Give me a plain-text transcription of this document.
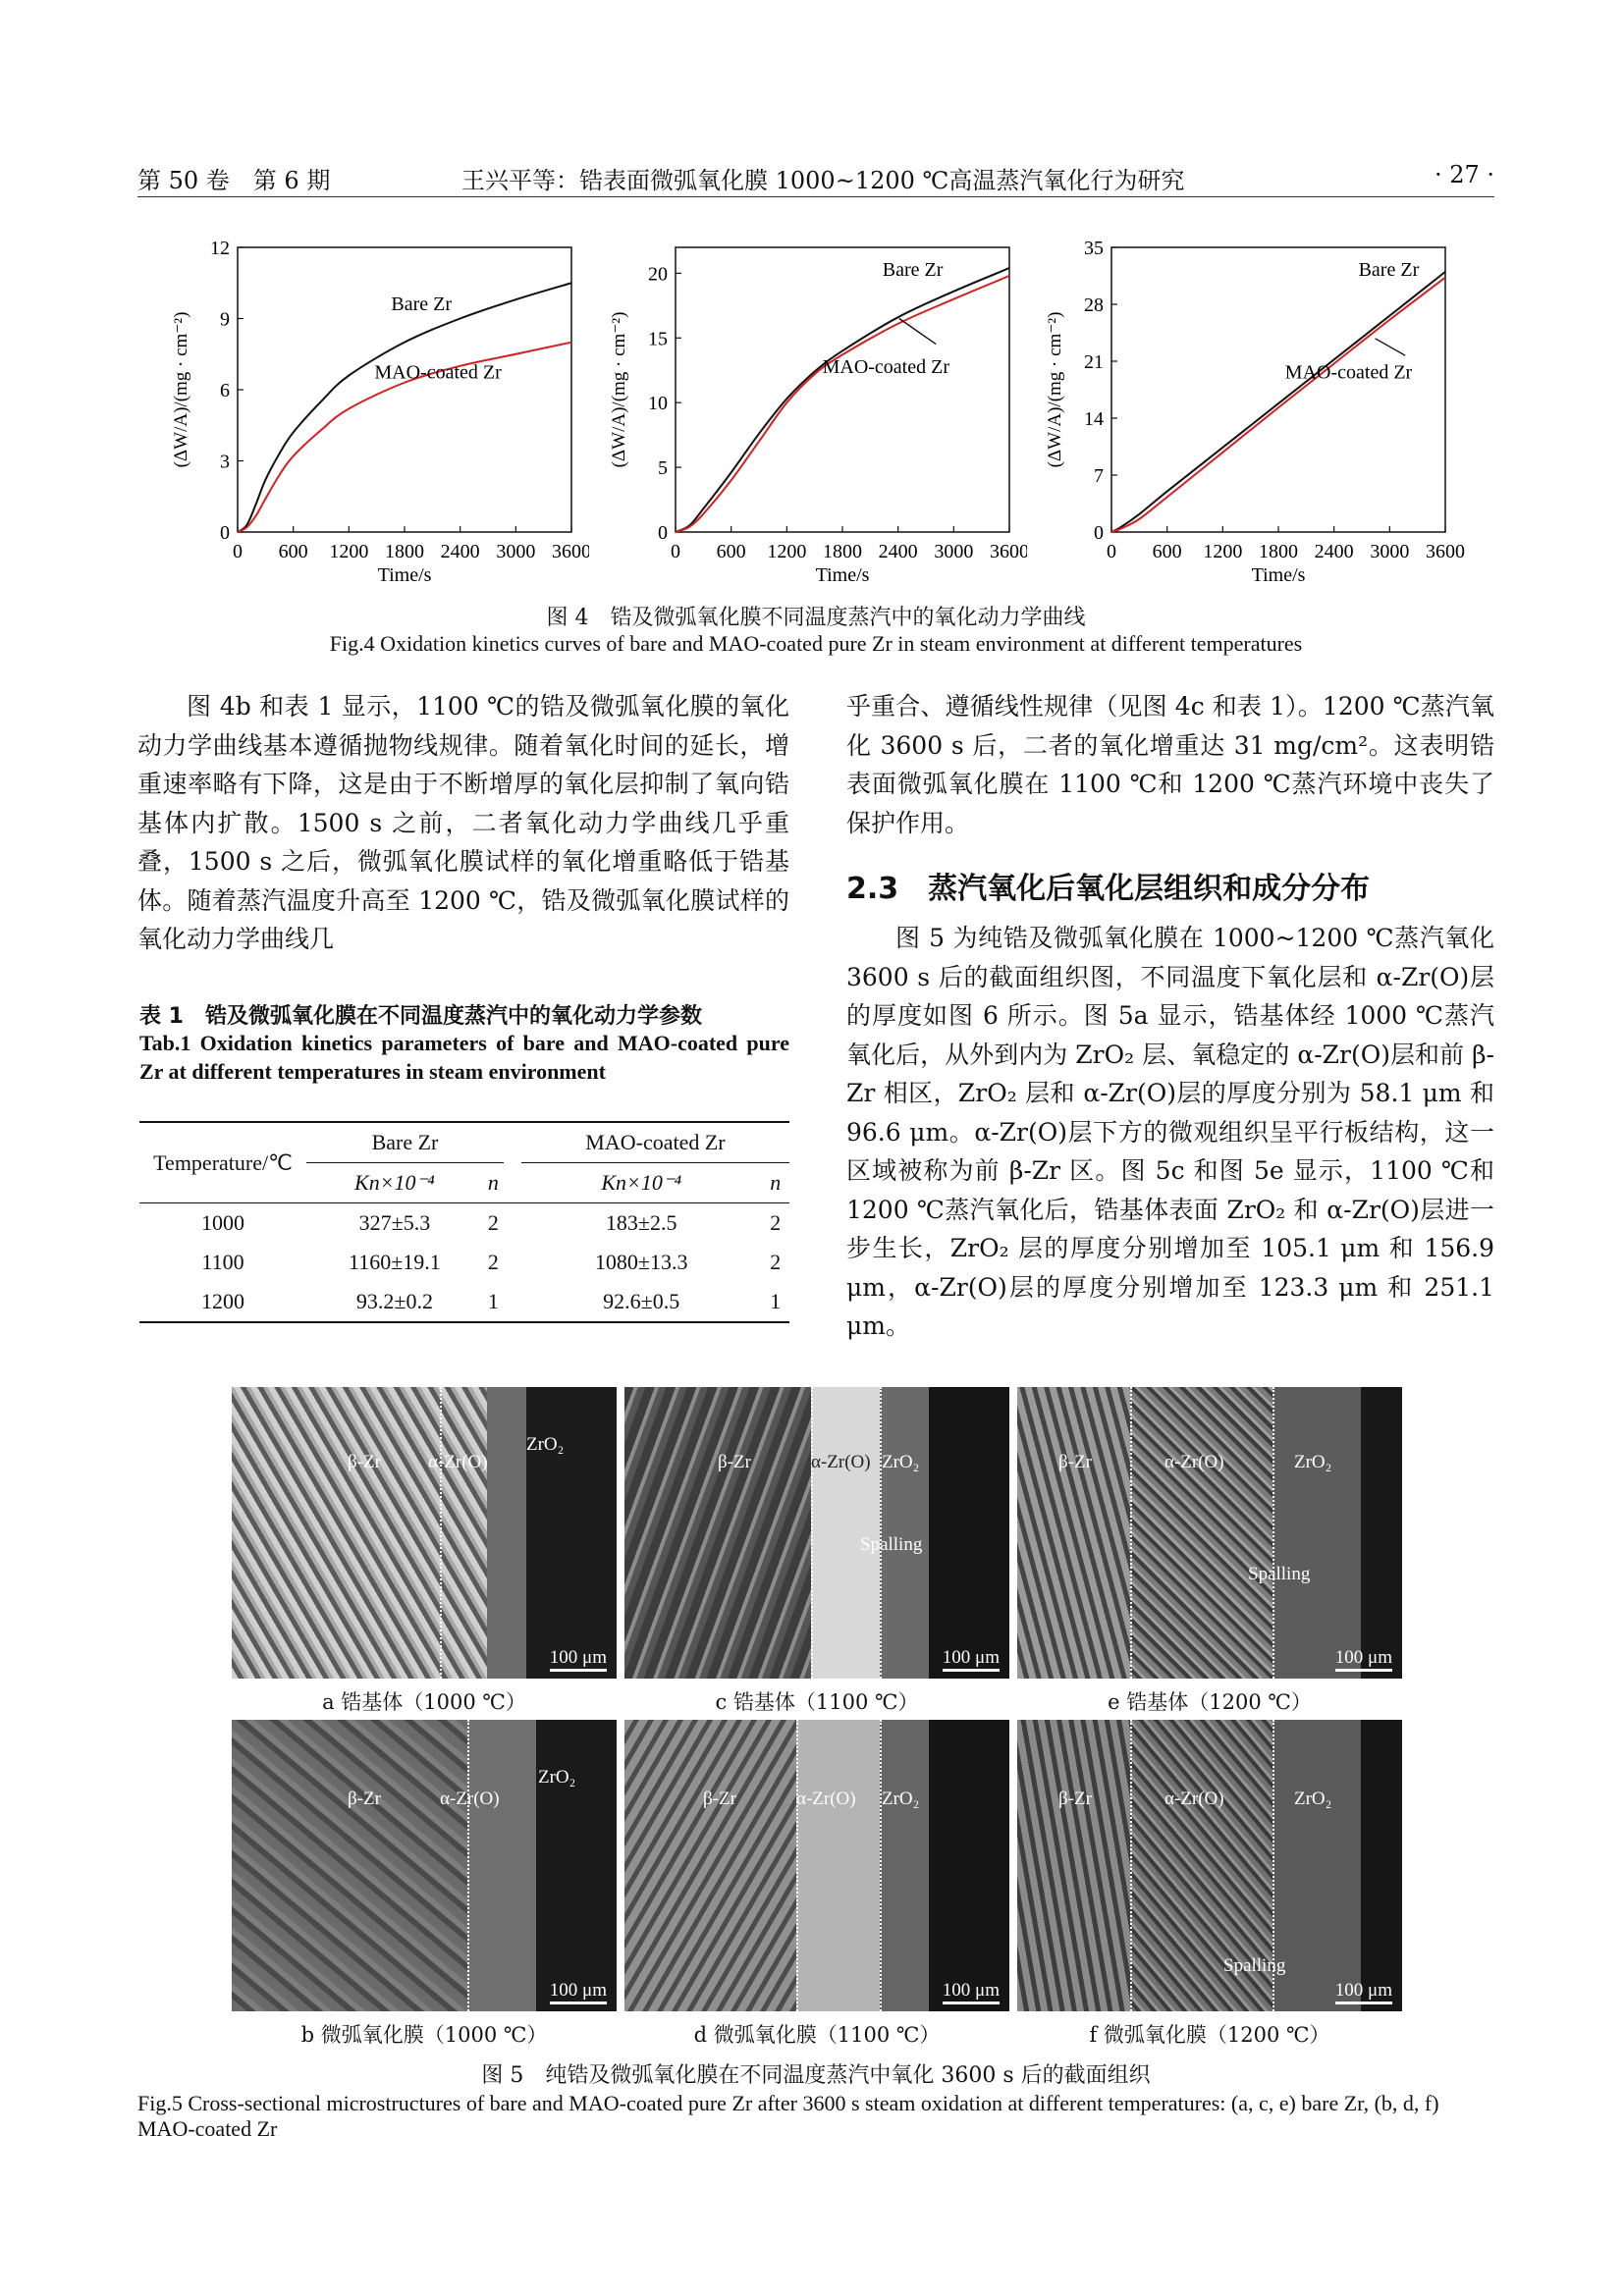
第 50 卷　第 6 期	王兴平等：锆表面微弧氧化膜 1000~1200 ℃高温蒸汽氧化行为研究	· 27 ·
0 600 1200 1800 2400 3000 3600
0
3
6
9
12
Time/s
(ΔW/A)/(mg · cm⁻²)
Bare Zr
MAO-coated Zr
0 600 1200 1800 2400 3000 3600
0
5
10
15
20
Time/s
(ΔW/A)/(mg · cm⁻²)
Bare Zr
MAO-coated Zr
0 600 1200 1800 2400 3000 3600
0
7
14
21
28
35
Time/s
(ΔW/A)/(mg · cm⁻²)
Bare Zr
MAO-coated Zr
图 4　锆及微弧氧化膜不同温度蒸汽中的氧化动力学曲线
Fig.4 Oxidation kinetics curves of bare and MAO-coated pure Zr in steam environment at different temperatures

图 4b 和表 1 显示，1100 ℃的锆及微弧氧化膜的氧化动力学曲线基本遵循抛物线规律。随着氧化时间的延长，增重速率略有下降，这是由于不断增厚的氧化层抑制了氧向锆基体内扩散。1500 s 之前，二者氧化动力学曲线几乎重叠，1500 s 之后，微弧氧化膜试样的氧化增重略低于锆基体。随着蒸汽温度升高至 1200 ℃，锆及微弧氧化膜试样的氧化动力学曲线几

乎重合、遵循线性规律（见图 4c 和表 1）。1200 ℃蒸汽氧化 3600 s 后，二者的氧化增重达 31 mg/cm²。这表明锆表面微弧氧化膜在 1100 ℃和 1200 ℃蒸汽环境中丧失了保护作用。

2.3　蒸汽氧化后氧化层组织和成分分布

图 5 为纯锆及微弧氧化膜在 1000~1200 ℃蒸汽氧化 3600 s 后的截面组织图，不同温度下氧化层和 α-Zr(O)层的厚度如图 6 所示。图 5a 显示，锆基体经 1000 ℃蒸汽氧化后，从外到内为 ZrO₂ 层、氧稳定的 α-Zr(O)层和前 β-Zr 相区，ZrO₂ 层和 α-Zr(O)层的厚度分别为 58.1 μm 和 96.6 μm。α-Zr(O)层下方的微观组织呈平行板结构，这一区域被称为前 β-Zr 区。图 5c 和图 5e 显示，1100 ℃和 1200 ℃蒸汽氧化后，锆基体表面 ZrO₂ 和 α-Zr(O)层进一步生长，ZrO₂ 层的厚度分别增加至 105.1 μm 和 156.9 μm，α-Zr(O)层的厚度分别增加至 123.3 μm 和 251.1 μm。

表 1　锆及微弧氧化膜在不同温度蒸汽中的氧化动力学参数
Tab.1 Oxidation kinetics parameters of bare and MAO-coated pure Zr at different temperatures in steam environment
Temperature/℃	Bare Zr			MAO-coated Zr	
	Kn×10⁻⁴	n		Kn×10⁻⁴	n
1000	327±5.3	2		183±2.5	2
1100	1160±19.1	2		1080±13.3	2
1200	93.2±0.2	1		92.6±0.5	1
β-Zr	α-Zr(O)
ZrO₂
100 μm
β-Zr	α-Zr(O) ZrO₂
Spalling
100 μm
β-Zr	α-Zr(O)	ZrO₂
Spalling
100 μm
a 锆基体（1000 ℃）	c 锆基体（1100 ℃）	e 锆基体（1200 ℃）
β-Zr	α-Zr(O)
ZrO₂
100 μm
β-Zr	α-Zr(O) ZrO₂
100 μm
β-Zr	α-Zr(O)	ZrO₂
Spalling
100 μm
b 微弧氧化膜（1000 ℃）	d 微弧氧化膜（1100 ℃）	f 微弧氧化膜（1200 ℃）
图 5　纯锆及微弧氧化膜在不同温度蒸汽中氧化 3600 s 后的截面组织
Fig.5 Cross-sectional microstructures of bare and MAO-coated pure Zr after 3600 s steam oxidation at different temperatures: (a, c, e) bare Zr, (b, d, f) MAO-coated Zr
